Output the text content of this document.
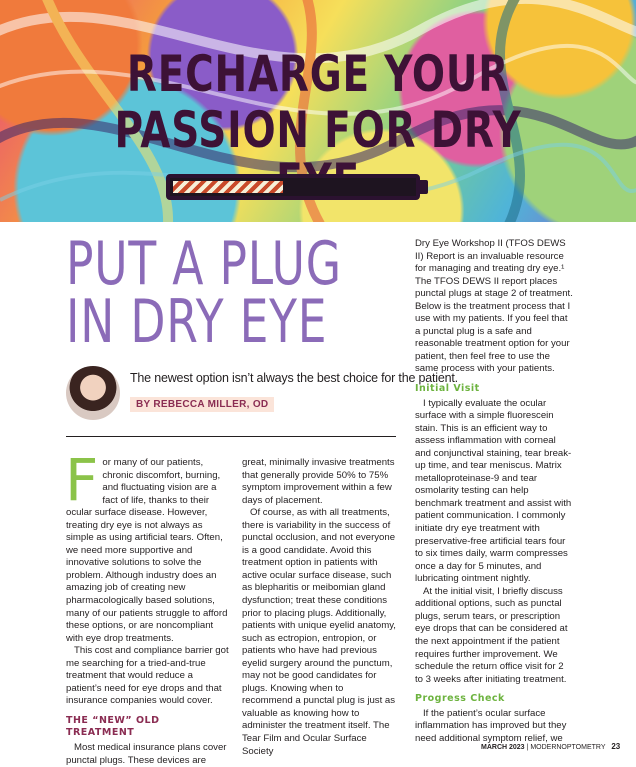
RECHARGE YOUR
PASSION FOR DRY
PUT A PLUG
IN DRY EYE

The newest option isn’t always the best choice for the patient.

BY REBECCA MILLER, OD

F or many of our patients, chronic discomfort, burning, and fluctuating vision are a fact of life, thanks to their ocular surface disease. However, treating dry eye is not always as simple as using artificial tears. Often, we need more supportive and innovative solutions to solve the problem. Although industry does an amazing job of creating new pharmacologically based solutions, many of our patients struggle to afford these options, or are noncompliant with eye drop treatments.

This cost and compliance barrier got me searching for a tried-and-true treatment that would reduce a patient’s need for eye drops and that insurance companies would cover.

THE “NEW” OLD TREATMENT

Most medical insurance plans cover punctal plugs. These devices are

great, minimally invasive treatments that generally provide 50% to 75% symptom improvement within a few days of placement.

Of course, as with all treatments, there is variability in the success of punctal occlusion, and not everyone is a good candidate. Avoid this treatment option in patients with active ocular surface disease, such as blepharitis or meibomian gland dysfunction; treat these conditions prior to placing plugs. Additionally, patients with unique eyelid anatomy, such as ectropion, entropion, or patients who have had previous eyelid surgery around the punctum, may not be good candidates for plugs. Knowing when to recommend a punctal plug is just as valuable as knowing how to administer the treatment itself. The Tear Film and Ocular Surface Society

Dry Eye Workshop II (TFOS DEWS II) Report is an invaluable resource for managing and treating dry eye.¹ The TFOS DEWS II report places punctal plugs at stage 2 of treatment. Below is the treatment process that I use with my patients. If you feel that a punctal plug is a safe and reasonable treatment option for your patient, then feel free to use the same process with your patients.

Initial Visit

I typically evaluate the ocular surface with a simple fluorescein stain. This is an efficient way to assess inflammation with corneal and conjunctival staining, tear break-up time, and tear meniscus. Matrix metalloproteinase-9 and tear osmolarity testing can help benchmark treatment and assist with patient communication. I commonly initiate dry eye treatment with preservative-free artificial tears four to six times daily, warm compresses once a day for 5 minutes, and lubricating ointment nightly.

At the initial visit, I briefly discuss additional options, such as punctal plugs, serum tears, or prescription eye drops that can be considered at the next appointment if the patient requires further improvement. We schedule the return office visit for 2 to 3 weeks after initiating treatment.

Progress Check

If the patient’s ocular surface inflammation has improved but they need additional symptom relief, we

MARCH 2023 | MODERNOPTOMETRY 23
